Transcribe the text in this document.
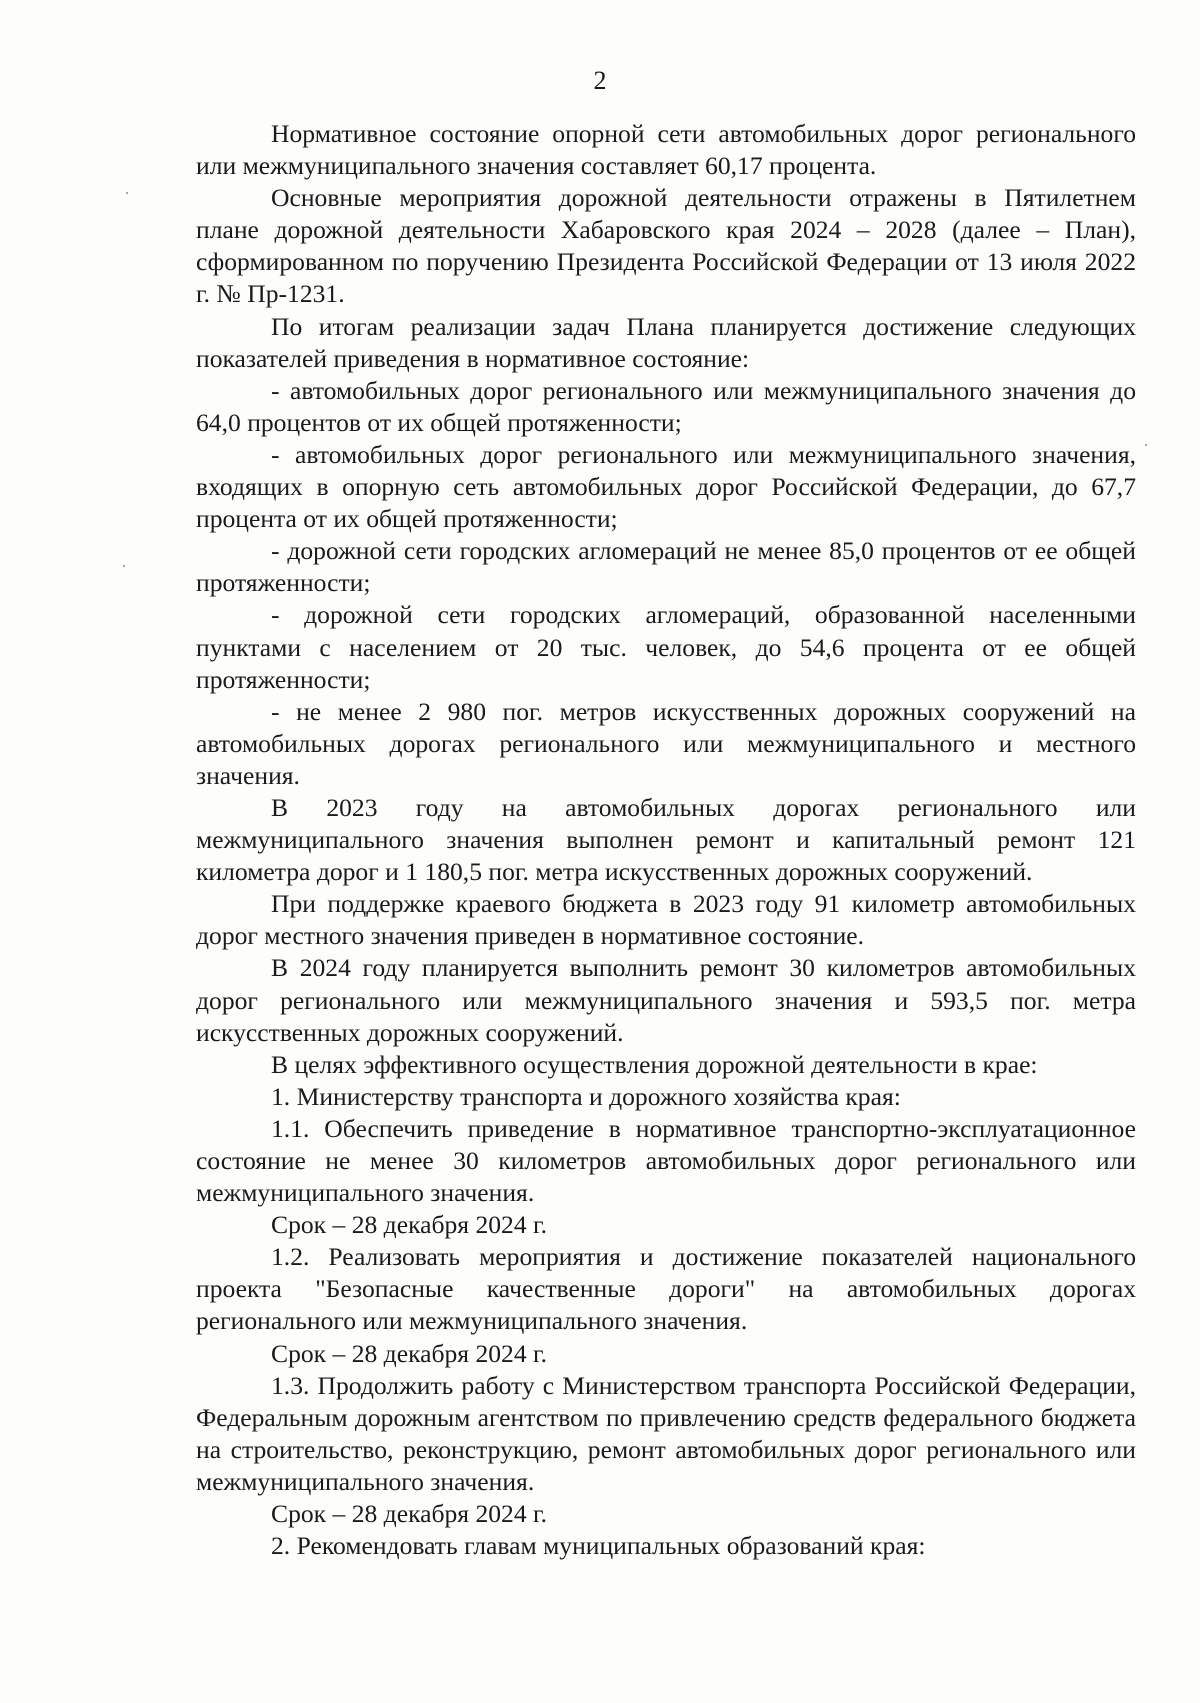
2

Нормативное состояние опорной сети автомобильных дорог регионального или межмуниципального значения составляет 60,17 процента.

Основные мероприятия дорожной деятельности отражены в Пятилетнем плане дорожной деятельности Хабаровского края 2024 – 2028 (далее – План), сформированном по поручению Президента Российской Федерации от 13 июля 2022 г. № Пр-1231.

По итогам реализации задач Плана планируется достижение следующих показателей приведения в нормативное состояние:

- автомобильных дорог регионального или межмуниципального значения до 64,0 процентов от их общей протяженности;

- автомобильных дорог регионального или межмуниципального значения, входящих в опорную сеть автомобильных дорог Российской Федерации, до 67,7 процента от их общей протяженности;

- дорожной сети городских агломераций не менее 85,0 процентов от ее общей протяженности;

- дорожной сети городских агломераций, образованной населенными пунктами с населением от 20 тыс. человек, до 54,6 процента от ее общей протяженности;

- не менее 2 980 пог. метров искусственных дорожных сооружений на автомобильных дорогах регионального или межмуниципального и местного значения.

В 2023 году на автомобильных дорогах регионального или межмуниципального значения выполнен ремонт и капитальный ремонт 121 километра дорог и 1 180,5 пог. метра искусственных дорожных сооружений.

При поддержке краевого бюджета в 2023 году 91 километр автомобильных дорог местного значения приведен в нормативное состояние.

В 2024 году планируется выполнить ремонт 30 километров автомобильных дорог регионального или межмуниципального значения и 593,5 пог. метра искусственных дорожных сооружений.

В целях эффективного осуществления дорожной деятельности в крае:

1. Министерству транспорта и дорожного хозяйства края:

1.1. Обеспечить приведение в нормативное транспортно-эксплуатационное состояние не менее 30 километров автомобильных дорог регионального или межмуниципального значения.

Срок – 28 декабря 2024 г.

1.2. Реализовать мероприятия и достижение показателей национального проекта "Безопасные качественные дороги" на автомобильных дорогах регионального или межмуниципального значения.

Срок – 28 декабря 2024 г.

1.3. Продолжить работу с Министерством транспорта Российской Федерации, Федеральным дорожным агентством по привлечению средств федерального бюджета на строительство, реконструкцию, ремонт автомобильных дорог регионального или межмуниципального значения.

Срок – 28 декабря 2024 г.

2. Рекомендовать главам муниципальных образований края:
